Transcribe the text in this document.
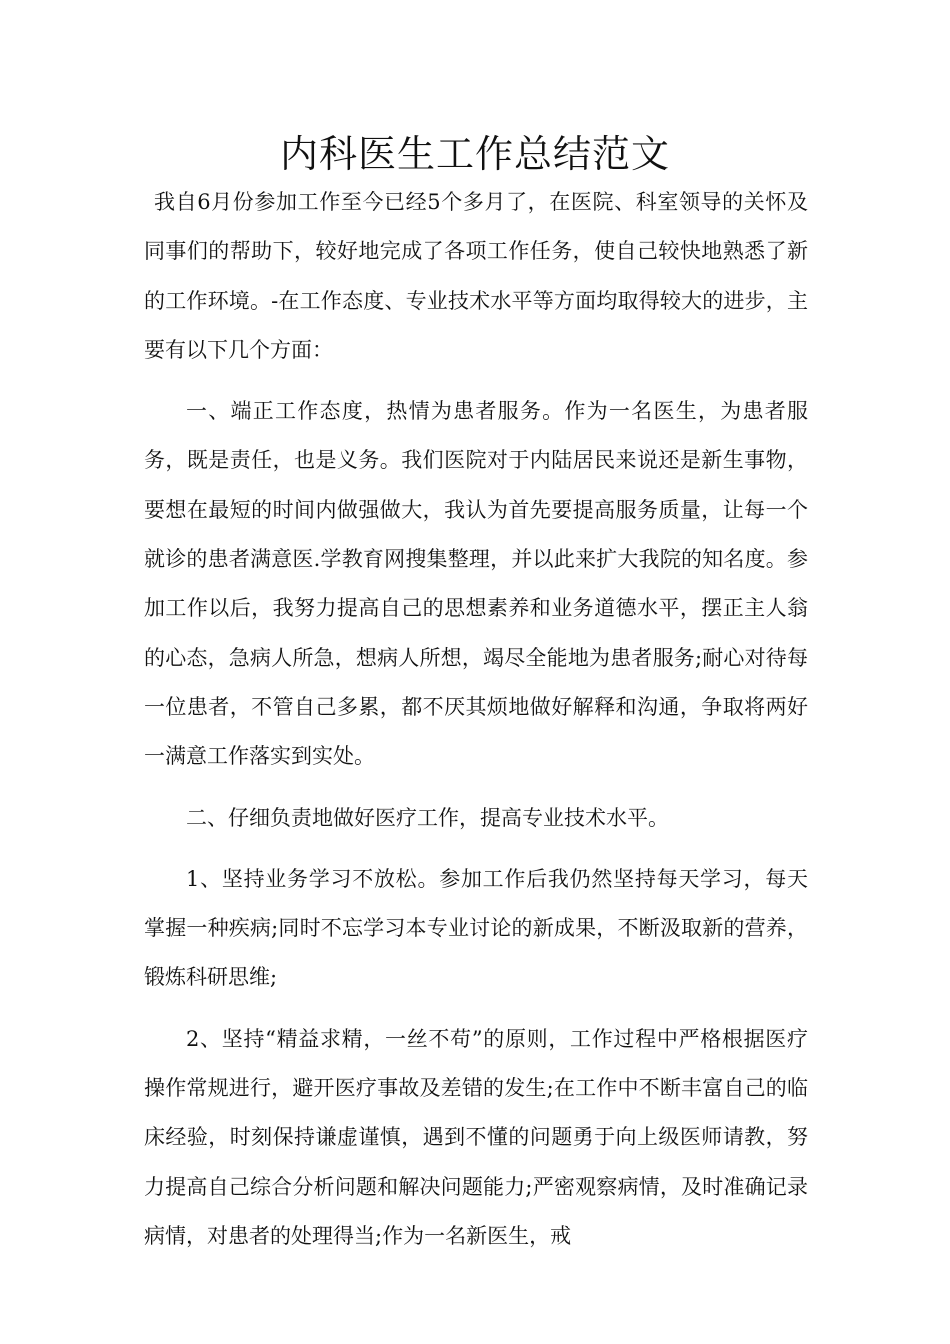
内科医生工作总结范文

我自6月份参加工作至今已经5个多月了，在医院、科室领导的关怀及同事们的帮助下，较好地完成了各项工作任务，使自己较快地熟悉了新的工作环境。-在工作态度、专业技术水平等方面均取得较大的进步，主要有以下几个方面：

一、端正工作态度，热情为患者服务。作为一名医生，为患者服务，既是责任，也是义务。我们医院对于内陆居民来说还是新生事物，要想在最短的时间内做强做大，我认为首先要提高服务质量，让每一个就诊的患者满意医.学教育网搜集整理，并以此来扩大我院的知名度。参加工作以后，我努力提高自己的思想素养和业务道德水平，摆正主人翁的心态，急病人所急，想病人所想，竭尽全能地为患者服务;耐心对待每一位患者，不管自己多累，都不厌其烦地做好解释和沟通，争取将两好一满意工作落实到实处。

二、仔细负责地做好医疗工作，提高专业技术水平。

1、坚持业务学习不放松。参加工作后我仍然坚持每天学习，每天掌握一种疾病;同时不忘学习本专业讨论的新成果，不断汲取新的营养，锻炼科研思维;

2、坚持“精益求精，一丝不苟”的原则，工作过程中严格根据医疗操作常规进行，避开医疗事故及差错的发生;在工作中不断丰富自己的临床经验，时刻保持谦虚谨慎，遇到不懂的问题勇于向上级医师请教，努力提高自己综合分析问题和解决问题能力;严密观察病情，及时准确记录病情，对患者的处理得当;作为一名新医生，戒
